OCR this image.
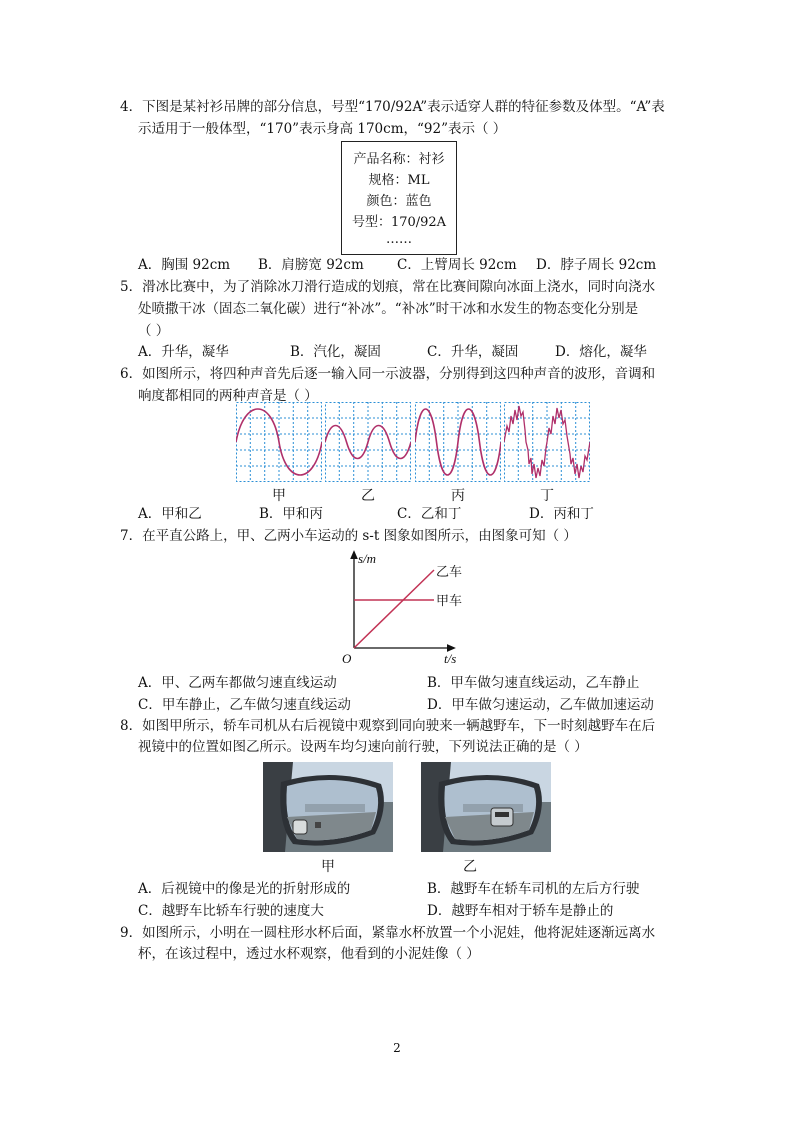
4．下图是某衬衫吊牌的部分信息，号型“170/92A”表示适穿人群的特征参数及体型。“A”表
示适用于一般体型，“170”表示身高 170cm，“92”表示（ ）
产品名称：衬衫
规格：ML
颜色：蓝色
号型：170/92A
……
A．胸围 92cm B．肩膀宽 92cm C．上臂周长 92cm D．脖子周长 92cm
5．滑冰比赛中，为了消除冰刀滑行造成的划痕，常在比赛间隙向冰面上浇水，同时向浇水
处喷撒干冰（固态二氧化碳）进行“补冰”。“补冰”时干冰和水发生的物态变化分别是
（ ）
A．升华，凝华	B．汽化，凝固	C．升华，凝固	D．熔化，凝华
6．如图所示，将四种声音先后逐一输入同一示波器，分别得到这四种声音的波形，音调和
响度都相同的两种声音是（ ）
甲	乙	丙	丁
A．甲和乙	B．甲和丙	C．乙和丁	D．丙和丁
7．在平直公路上，甲、乙两小车运动的 s-t 图象如图所示，由图象可知（ ）
s/m
t/s
O
乙车
甲车
A．甲、乙两车都做匀速直线运动	B．甲车做匀速直线运动，乙车静止
C．甲车静止，乙车做匀速直线运动	D．甲车做匀速运动，乙车做加速运动
8．如图甲所示，轿车司机从右后视镜中观察到同向驶来一辆越野车，下一时刻越野车在后
视镜中的位置如图乙所示。设两车均匀速向前行驶，下列说法正确的是（ ）
甲	乙
A．后视镜中的像是光的折射形成的	B．越野车在轿车司机的左后方行驶
C．越野车比轿车行驶的速度大	D．越野车相对于轿车是静止的
9．如图所示，小明在一圆柱形水杯后面，紧靠水杯放置一个小泥娃，他将泥娃逐渐远离水
杯，在该过程中，透过水杯观察，他看到的小泥娃像（ ）
2
